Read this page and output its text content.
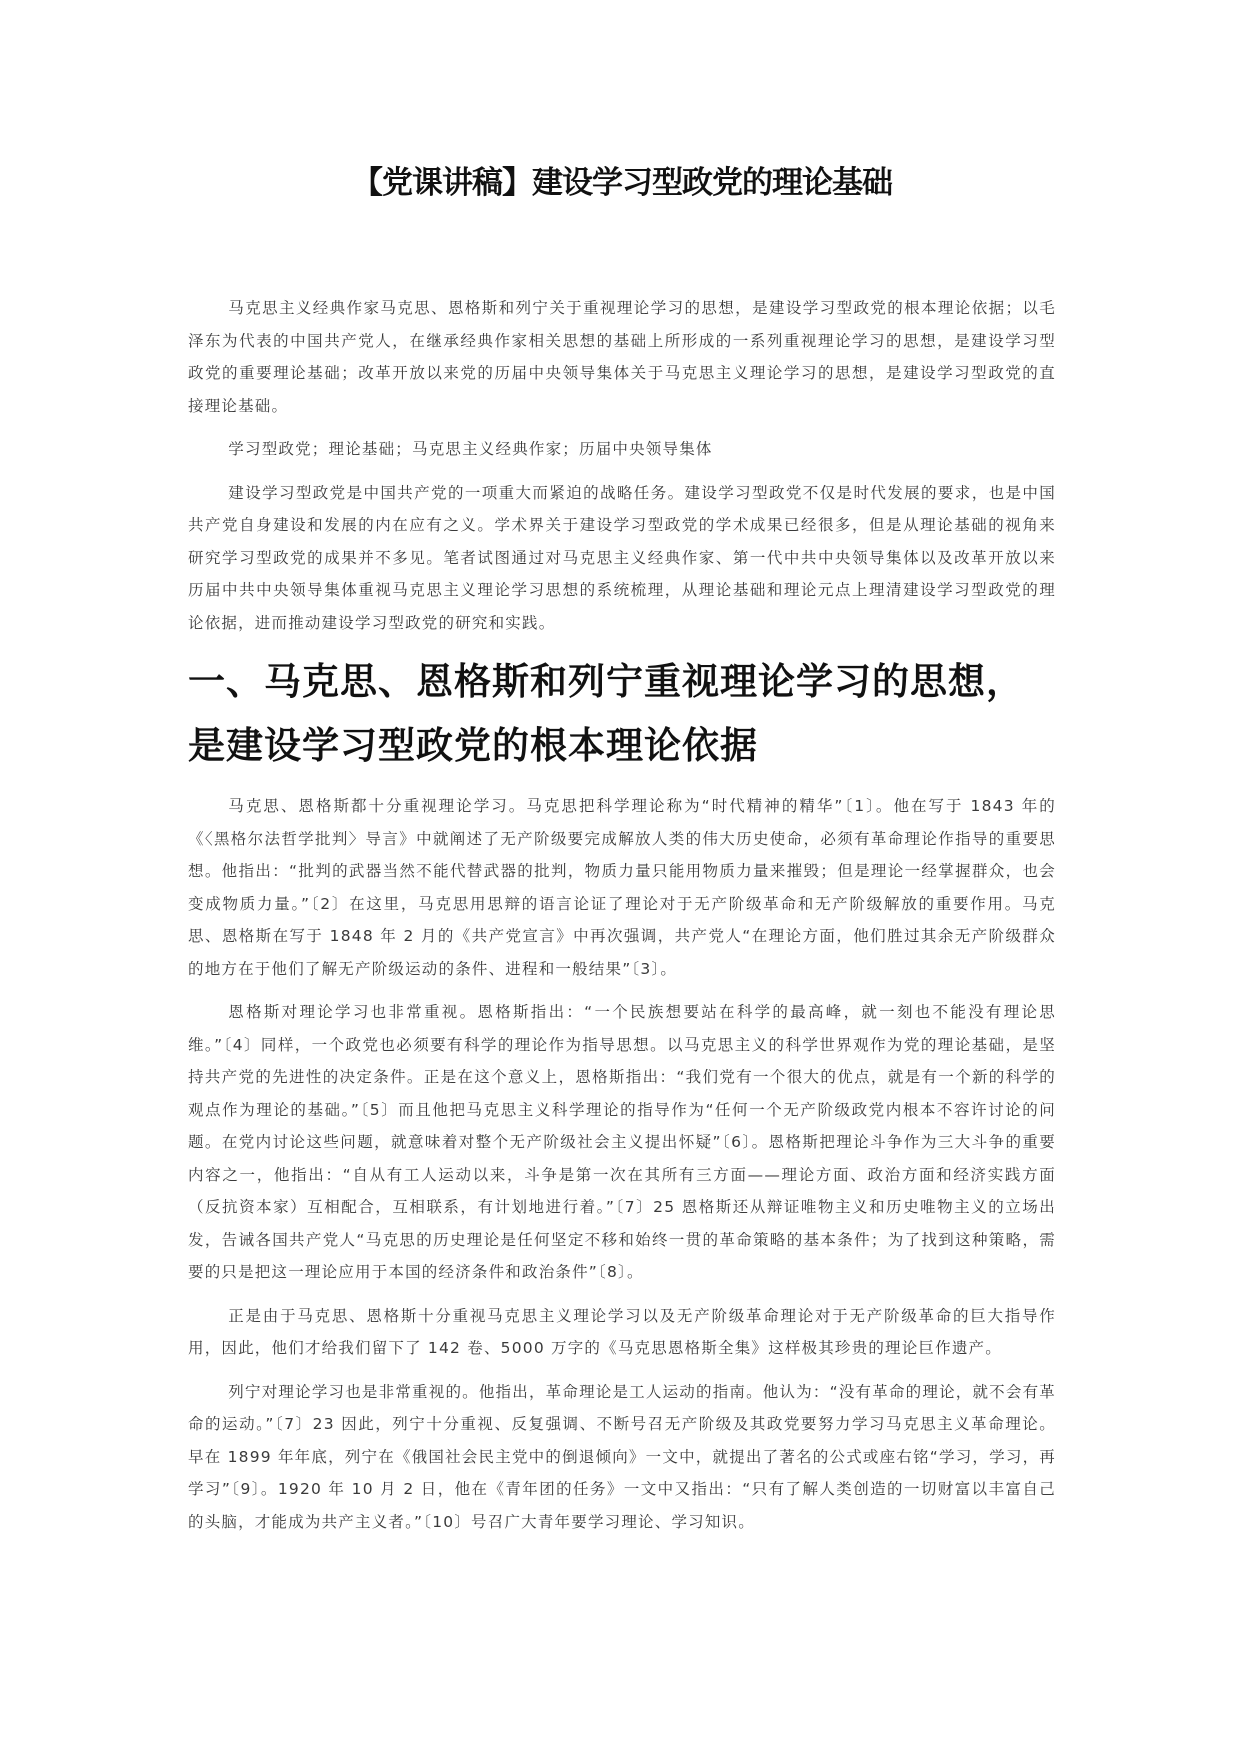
【党课讲稿】建设学习型政党的理论基础

马克思主义经典作家马克思、恩格斯和列宁关于重视理论学习的思想，是建设学习型政党的根本理论依据；以毛泽东为代表的中国共产党人，在继承经典作家相关思想的基础上所形成的一系列重视理论学习的思想，是建设学习型政党的重要理论基础；改革开放以来党的历届中央领导集体关于马克思主义理论学习的思想，是建设学习型政党的直接理论基础。

学习型政党；理论基础；马克思主义经典作家；历届中央领导集体

建设学习型政党是中国共产党的一项重大而紧迫的战略任务。建设学习型政党不仅是时代发展的要求，也是中国共产党自身建设和发展的内在应有之义。学术界关于建设学习型政党的学术成果已经很多，但是从理论基础的视角来研究学习型政党的成果并不多见。笔者试图通过对马克思主义经典作家、第一代中共中央领导集体以及改革开放以来历届中共中央领导集体重视马克思主义理论学习思想的系统梳理，从理论基础和理论元点上理清建设学习型政党的理论依据，进而推动建设学习型政党的研究和实践。

一、马克思、恩格斯和列宁重视理论学习的思想，是建设学习型政党的根本理论依据

马克思、恩格斯都十分重视理论学习。马克思把科学理论称为“时代精神的精华”〔1〕。他在写于 1843 年的《〈黑格尔法哲学批判〉导言》中就阐述了无产阶级要完成解放人类的伟大历史使命，必须有革命理论作指导的重要思想。他指出：“批判的武器当然不能代替武器的批判，物质力量只能用物质力量来摧毁；但是理论一经掌握群众，也会变成物质力量。”〔2〕在这里，马克思用思辩的语言论证了理论对于无产阶级革命和无产阶级解放的重要作用。马克思、恩格斯在写于 1848 年 2 月的《共产党宣言》中再次强调，共产党人“在理论方面，他们胜过其余无产阶级群众的地方在于他们了解无产阶级运动的条件、进程和一般结果”〔3〕。

恩格斯对理论学习也非常重视。恩格斯指出：“一个民族想要站在科学的最高峰，就一刻也不能没有理论思维。”〔4〕同样，一个政党也必须要有科学的理论作为指导思想。以马克思主义的科学世界观作为党的理论基础，是坚持共产党的先进性的决定条件。正是在这个意义上，恩格斯指出：“我们党有一个很大的优点，就是有一个新的科学的观点作为理论的基础。”〔5〕而且他把马克思主义科学理论的指导作为“任何一个无产阶级政党内根本不容许讨论的问题。在党内讨论这些问题，就意味着对整个无产阶级社会主义提出怀疑”〔6〕。恩格斯把理论斗争作为三大斗争的重要内容之一，他指出：“自从有工人运动以来，斗争是第一次在其所有三方面——理论方面、政治方面和经济实践方面（反抗资本家）互相配合，互相联系，有计划地进行着。”〔7〕25 恩格斯还从辩证唯物主义和历史唯物主义的立场出发，告诫各国共产党人“马克思的历史理论是任何坚定不移和始终一贯的革命策略的基本条件；为了找到这种策略，需要的只是把这一理论应用于本国的经济条件和政治条件”〔8〕。

正是由于马克思、恩格斯十分重视马克思主义理论学习以及无产阶级革命理论对于无产阶级革命的巨大指导作用，因此，他们才给我们留下了 142 卷、5000 万字的《马克思恩格斯全集》这样极其珍贵的理论巨作遗产。

列宁对理论学习也是非常重视的。他指出，革命理论是工人运动的指南。他认为：“没有革命的理论，就不会有革命的运动。”〔7〕23 因此，列宁十分重视、反复强调、不断号召无产阶级及其政党要努力学习马克思主义革命理论。早在 1899 年年底，列宁在《俄国社会民主党中的倒退倾向》一文中，就提出了著名的公式或座右铭“学习，学习，再学习”〔9〕。1920 年 10 月 2 日，他在《青年团的任务》一文中又指出：“只有了解人类创造的一切财富以丰富自己的头脑，才能成为共产主义者。”〔10〕号召广大青年要学习理论、学习知识。
